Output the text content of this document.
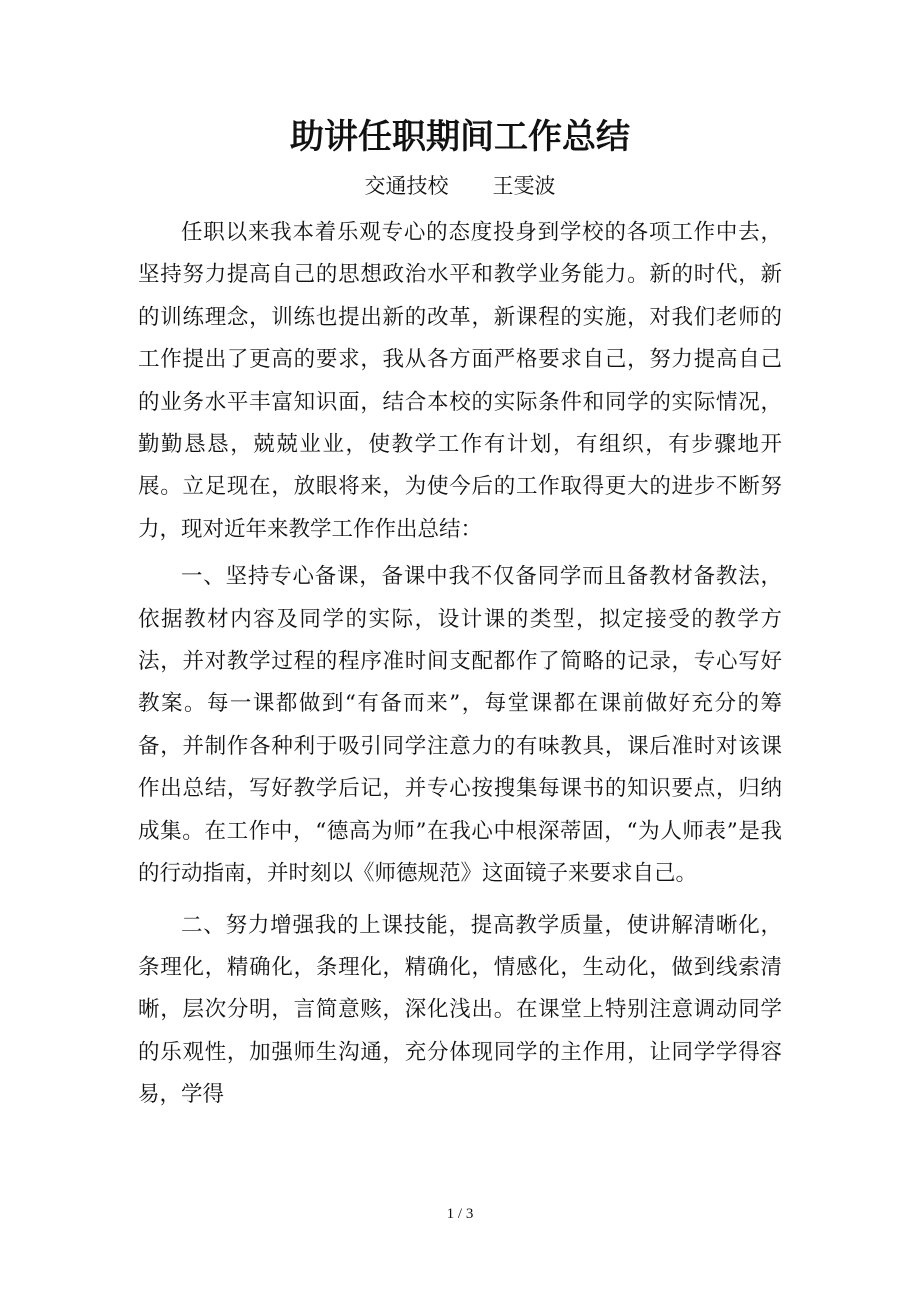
助讲任职期间工作总结
交通技校 王雯波

任职以来我本着乐观专心的态度投身到学校的各项工作中去，坚持努力提高自己的思想政治水平和教学业务能力。新的时代，新的训练理念，训练也提出新的改革，新课程的实施，对我们老师的工作提出了更高的要求，我从各方面严格要求自己，努力提高自己的业务水平丰富知识面，结合本校的实际条件和同学的实际情况，勤勤恳恳，兢兢业业，使教学工作有计划，有组织，有步骤地开展。立足现在，放眼将来，为使今后的工作取得更大的进步不断努力，现对近年来教学工作作出总结：

一、坚持专心备课，备课中我不仅备同学而且备教材备教法，依据教材内容及同学的实际，设计课的类型，拟定接受的教学方法，并对教学过程的程序准时间支配都作了简略的记录，专心写好教案。每一课都做到“有备而来”，每堂课都在课前做好充分的筹备，并制作各种利于吸引同学注意力的有味教具，课后准时对该课作出总结，写好教学后记，并专心按搜集每课书的知识要点，归纳成集。在工作中，“德高为师”在我心中根深蒂固，“为人师表”是我的行动指南，并时刻以《师德规范》这面镜子来要求自己。

二、努力增强我的上课技能，提高教学质量，使讲解清晰化，条理化，精确化，条理化，精确化，情感化，生动化，做到线索清晰，层次分明，言简意赅，深化浅出。在课堂上特别注意调动同学的乐观性，加强师生沟通，充分体现同学的主作用，让同学学得容易，学得

1 / 3
